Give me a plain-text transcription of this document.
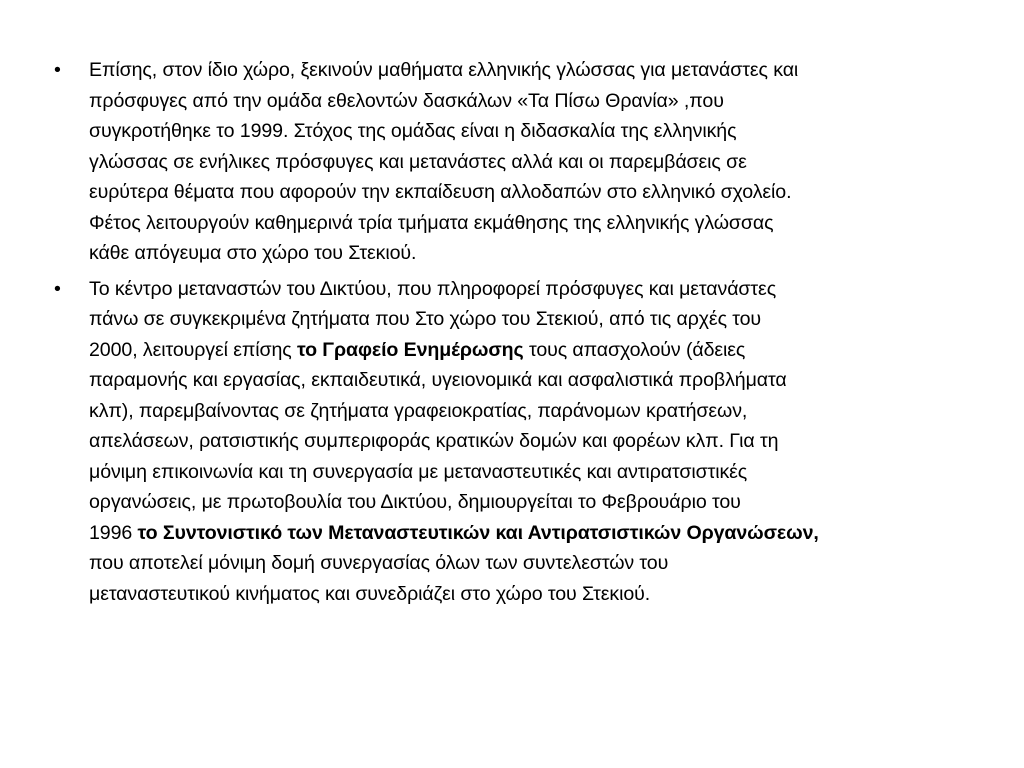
•	Επίσης, στον ίδιο χώρο, ξεκινούν μαθήματα ελληνικής γλώσσας για μετανάστες και
πρόσφυγες από την ομάδα εθελοντών δασκάλων «Τα Πίσω Θρανία» ,που
συγκροτήθηκε το 1999. Στόχος της ομάδας είναι η διδασκαλία της ελληνικής
γλώσσας σε ενήλικες πρόσφυγες και μετανάστες αλλά και οι παρεμβάσεις σε
ευρύτερα θέματα που αφορούν την εκπαίδευση αλλοδαπών στο ελληνικό σχολείο.
Φέτος λειτουργούν καθημερινά τρία τμήματα εκμάθησης της ελληνικής γλώσσας
κάθε απόγευμα στο χώρο του Στεκιού.
•	Το κέντρο μεταναστών του Δικτύου, που πληροφορεί πρόσφυγες και μετανάστες
πάνω σε συγκεκριμένα ζητήματα που Στο χώρο του Στεκιού, από τις αρχές του
2000, λειτουργεί επίσης το Γραφείο Ενημέρωσης τους απασχολούν (άδειες
παραμονής και εργασίας, εκπαιδευτικά, υγειονομικά και ασφαλιστικά προβλήματα
κλπ), παρεμβαίνοντας σε ζητήματα γραφειοκρατίας, παράνομων κρατήσεων,
απελάσεων, ρατσιστικής συμπεριφοράς κρατικών δομών και φορέων κλπ. Για τη
μόνιμη επικοινωνία και τη συνεργασία με μεταναστευτικές και αντιρατσιστικές
οργανώσεις, με πρωτοβουλία του Δικτύου, δημιουργείται το Φεβρουάριο του
1996 το Συντονιστικό των Μεταναστευτικών και Αντιρατσιστικών Οργανώσεων,
που αποτελεί μόνιμη δομή συνεργασίας όλων των συντελεστών του
μεταναστευτικού κινήματος και συνεδριάζει στο χώρο του Στεκιού.
